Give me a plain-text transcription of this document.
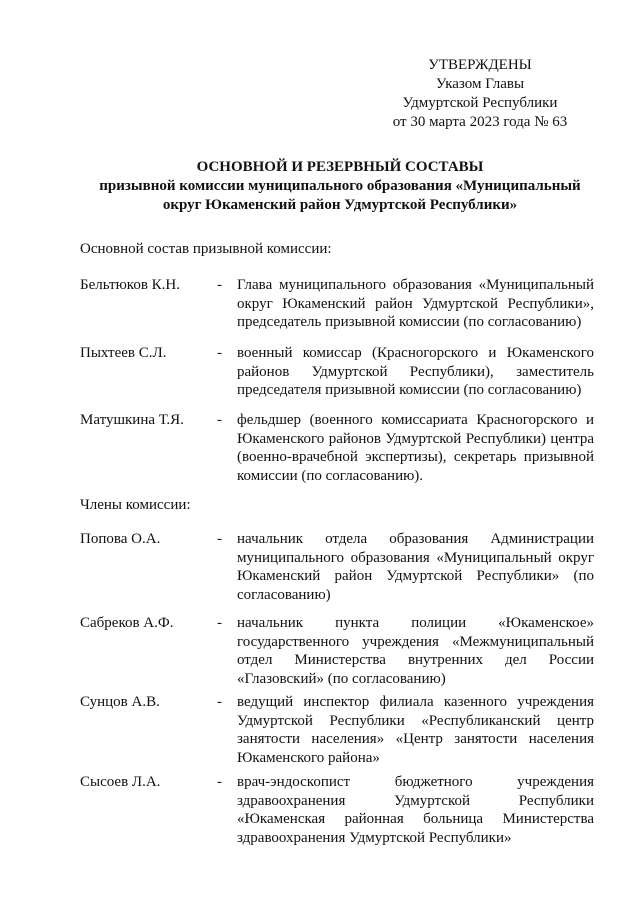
УТВЕРЖДЕНЫ
Указом Главы
Удмуртской Республики
от 30 марта 2023 года № 63
ОСНОВНОЙ И РЕЗЕРВНЫЙ СОСТАВЫ
призывной комиссии муниципального образования «Муниципальный
округ Юкаменский район Удмуртской Республики»
Основной состав призывной комиссии:
Бельтюков К.Н. - Глава муниципального образования «Муниципальный округ Юкаменский район Удмуртской Республики», председатель призывной комиссии (по согласованию)
Пыхтеев С.Л.	- военный комиссар (Красногорского и Юкаменского районов Удмуртской Республики), заместитель председателя призывной комиссии (по согласованию)
Матушкина Т.Я. - фельдшер (военного комиссариата Красногорского и Юкаменского районов Удмуртской Республики) центра (военно-врачебной экспертизы), секретарь призывной комиссии (по согласованию).
Члены комиссии:
Попова О.А.	- начальник отдела образования Администрации муниципального образования «Муниципальный округ Юкаменский район Удмуртской Республики» (по согласованию)
Сабреков А.Ф.	- начальник пункта полиции «Юкаменское» государственного учреждения «Межмуниципальный отдел Министерства внутренних дел России «Глазовский» (по согласованию)
Сунцов А.В.	- ведущий инспектор филиала казенного учреждения Удмуртской Республики «Республиканский центр занятости населения» «Центр занятости населения Юкаменского района»
Сысоев Л.А.	- врач-эндоскопист бюджетного учреждения здравоохранения Удмуртской Республики «Юкаменская районная больница Министерства здравоохранения Удмуртской Республики»
